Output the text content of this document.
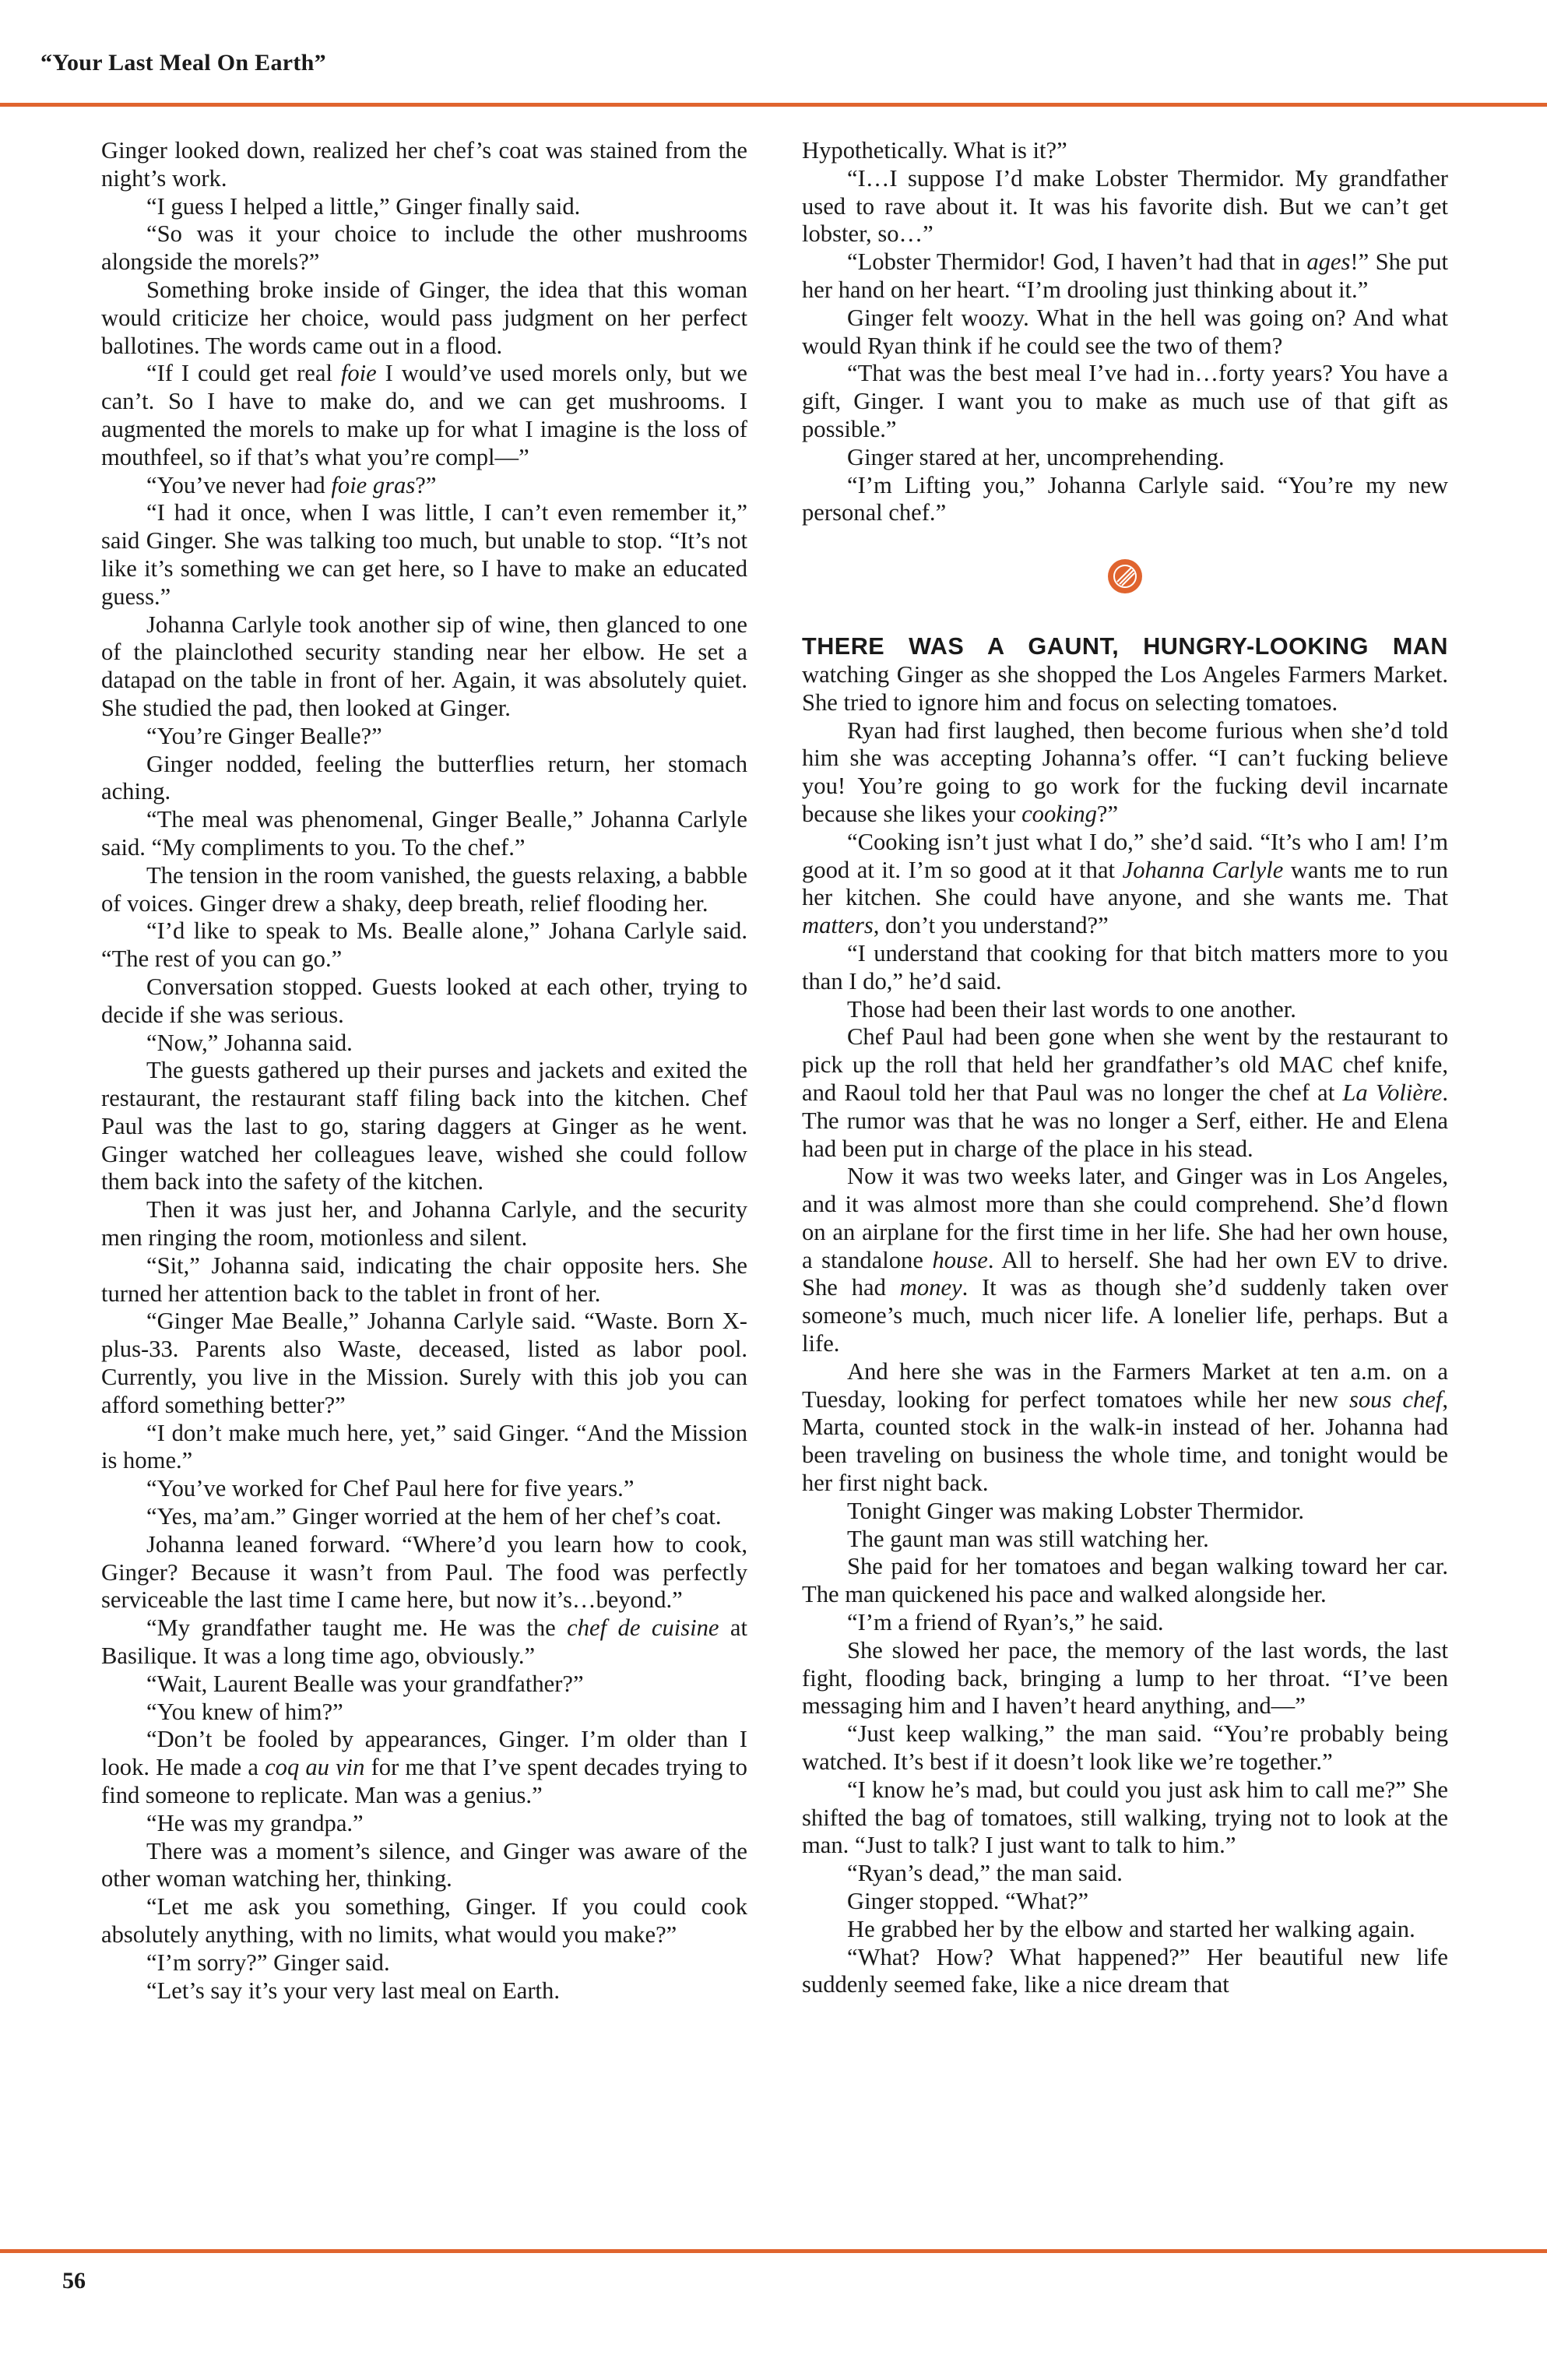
“Your Last Meal On Earth”

Ginger looked down, realized her chef’s coat was stained from the night’s work.

“I guess I helped a little,” Ginger finally said.

“So was it your choice to include the other mushrooms alongside the morels?”

Something broke inside of Ginger, the idea that this woman would criticize her choice, would pass judgment on her perfect ballotines. The words came out in a flood.

“If I could get real foie I would’ve used morels only, but we can’t. So I have to make do, and we can get mushrooms. I augmented the morels to make up for what I imagine is the loss of mouthfeel, so if that’s what you’re compl—”

“You’ve never had foie gras?”

“I had it once, when I was little, I can’t even remember it,” said Ginger. She was talking too much, but unable to stop. “It’s not like it’s something we can get here, so I have to make an educated guess.”

Johanna Carlyle took another sip of wine, then glanced to one of the plainclothed security standing near her elbow. He set a datapad on the table in front of her. Again, it was absolutely quiet. She studied the pad, then looked at Ginger.

“You’re Ginger Bealle?”

Ginger nodded, feeling the butterflies return, her stomach aching.

“The meal was phenomenal, Ginger Bealle,” Johanna Carlyle said. “My compliments to you. To the chef.”

The tension in the room vanished, the guests relaxing, a babble of voices. Ginger drew a shaky, deep breath, relief flooding her.

“I’d like to speak to Ms. Bealle alone,” Johana Carlyle said. “The rest of you can go.”

Conversation stopped. Guests looked at each other, trying to decide if she was serious.

“Now,” Johanna said.

The guests gathered up their purses and jackets and exited the restaurant, the restaurant staff filing back into the kitchen. Chef Paul was the last to go, staring daggers at Ginger as he went. Ginger watched her colleagues leave, wished she could follow them back into the safety of the kitchen.

Then it was just her, and Johanna Carlyle, and the security men ringing the room, motionless and silent.

“Sit,” Johanna said, indicating the chair opposite hers. She turned her attention back to the tablet in front of her.

“Ginger Mae Bealle,” Johanna Carlyle said. “Waste. Born X-plus-33. Parents also Waste, deceased, listed as labor pool. Currently, you live in the Mission. Surely with this job you can afford something better?”

“I don’t make much here, yet,” said Ginger. “And the Mission is home.”

“You’ve worked for Chef Paul here for five years.”

“Yes, ma’am.” Ginger worried at the hem of her chef’s coat.

Johanna leaned forward. “Where’d you learn how to cook, Ginger? Because it wasn’t from Paul. The food was perfectly serviceable the last time I came here, but now it’s…beyond.”

“My grandfather taught me. He was the chef de cuisine at Basilique. It was a long time ago, obviously.”

“Wait, Laurent Bealle was your grandfather?”

“You knew of him?”

“Don’t be fooled by appearances, Ginger. I’m older than I look. He made a coq au vin for me that I’ve spent decades trying to find someone to replicate. Man was a genius.”

“He was my grandpa.”

There was a moment’s silence, and Ginger was aware of the other woman watching her, thinking.

“Let me ask you something, Ginger. If you could cook absolutely anything, with no limits, what would you make?”

“I’m sorry?” Ginger said.

“Let’s say it’s your very last meal on Earth.

Hypothetically. What is it?”

“I…I suppose I’d make Lobster Thermidor. My grandfather used to rave about it. It was his favorite dish. But we can’t get lobster, so…”

“Lobster Thermidor! God, I haven’t had that in ages!” She put her hand on her heart. “I’m drooling just thinking about it.”

Ginger felt woozy. What in the hell was going on? And what would Ryan think if he could see the two of them?

“That was the best meal I’ve had in…forty years? You have a gift, Ginger. I want you to make as much use of that gift as possible.”

Ginger stared at her, uncomprehending.

“I’m Lifting you,” Johanna Carlyle said. “You’re my new personal chef.”

THERE WAS A GAUNT, HUNGRY-LOOKING MAN watching Ginger as she shopped the Los Angeles Farmers Market. She tried to ignore him and focus on selecting tomatoes.

Ryan had first laughed, then become furious when she’d told him she was accepting Johanna’s offer. “I can’t fucking believe you! You’re going to go work for the fucking devil incarnate because she likes your cooking?”

“Cooking isn’t just what I do,” she’d said. “It’s who I am! I’m good at it. I’m so good at it that Johanna Carlyle wants me to run her kitchen. She could have anyone, and she wants me. That matters, don’t you understand?”

“I understand that cooking for that bitch matters more to you than I do,” he’d said.

Those had been their last words to one another.

Chef Paul had been gone when she went by the restaurant to pick up the roll that held her grandfather’s old MAC chef knife, and Raoul told her that Paul was no longer the chef at La Volière. The rumor was that he was no longer a Serf, either. He and Elena had been put in charge of the place in his stead.

Now it was two weeks later, and Ginger was in Los Angeles, and it was almost more than she could comprehend. She’d flown on an airplane for the first time in her life. She had her own house, a standalone house. All to herself. She had her own EV to drive. She had money. It was as though she’d suddenly taken over someone’s much, much nicer life. A lonelier life, perhaps. But a life.

And here she was in the Farmers Market at ten a.m. on a Tuesday, looking for perfect tomatoes while her new sous chef, Marta, counted stock in the walk-in instead of her. Johanna had been traveling on business the whole time, and tonight would be her first night back.

Tonight Ginger was making Lobster Thermidor.

The gaunt man was still watching her.

She paid for her tomatoes and began walking toward her car. The man quickened his pace and walked alongside her.

“I’m a friend of Ryan’s,” he said.

She slowed her pace, the memory of the last words, the last fight, flooding back, bringing a lump to her throat. “I’ve been messaging him and I haven’t heard anything, and—”

“Just keep walking,” the man said. “You’re probably being watched. It’s best if it doesn’t look like we’re together.”

“I know he’s mad, but could you just ask him to call me?” She shifted the bag of tomatoes, still walking, trying not to look at the man. “Just to talk? I just want to talk to him.”

“Ryan’s dead,” the man said.

Ginger stopped. “What?”

He grabbed her by the elbow and started her walking again.

“What? How? What happened?” Her beautiful new life suddenly seemed fake, like a nice dream that

56
